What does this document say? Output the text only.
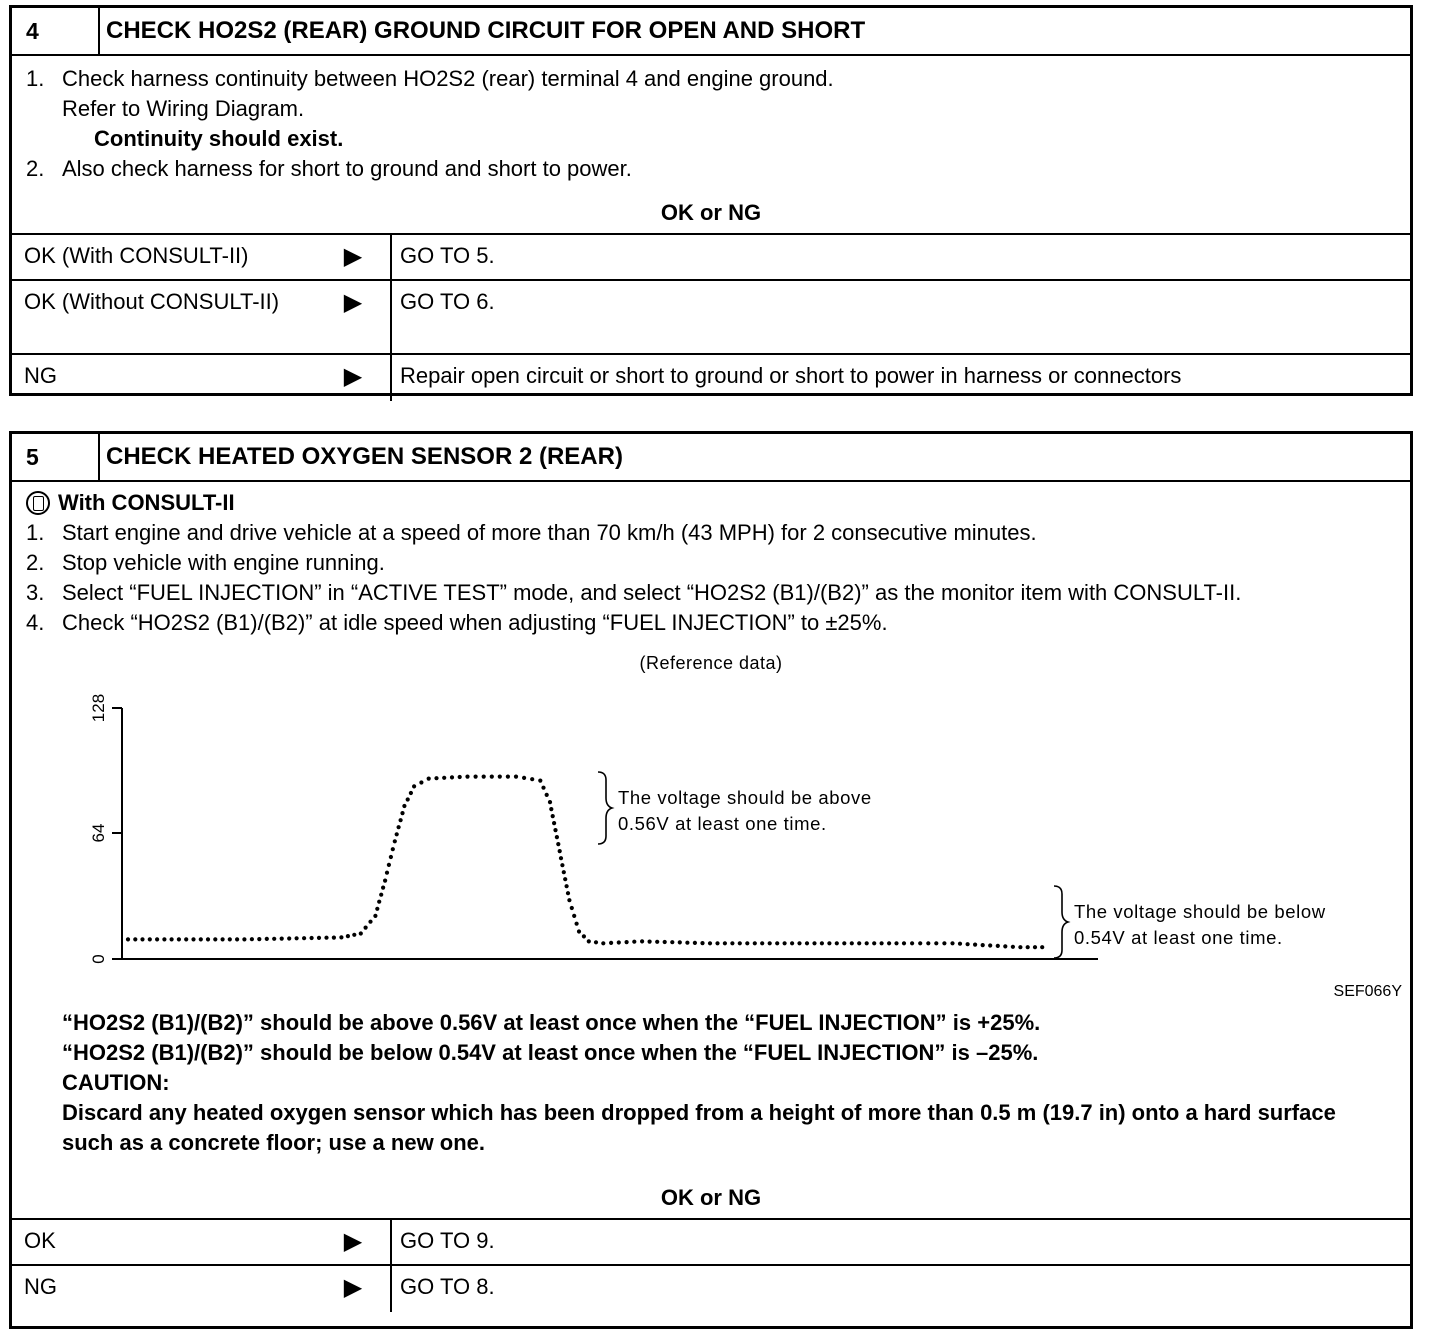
4	CHECK HO2S2 (REAR) GROUND CIRCUIT FOR OPEN AND SHORT
1. Check harness continuity between HO2S2 (rear) terminal 4 and engine ground.
Refer to Wiring Diagram.
Continuity should exist.
2. Also check harness for short to ground and short to power.
OK or NG
OK (With CONSULT-II)	▶	GO TO 5.
OK (Without CONSULT-II)	▶	GO TO 6.
NG	▶	Repair open circuit or short to ground or short to power in harness or connectors
5	CHECK HEATED OXYGEN SENSOR 2 (REAR)
With CONSULT-II
1. Start engine and drive vehicle at a speed of more than 70 km/h (43 MPH) for 2 consecutive minutes.
2. Stop vehicle with engine running.
3. Select “FUEL INJECTION” in “ACTIVE TEST” mode, and select “HO2S2 (B1)/(B2)” as the monitor item with CONSULT-II.
4. Check “HO2S2 (B1)/(B2)” at idle speed when adjusting “FUEL INJECTION” to ±25%.
(Reference data)
0
64
128
The voltage should be above
0.56V at least one time.
The voltage should be below
0.54V at least one time.
SEF066Y
“HO2S2 (B1)/(B2)” should be above 0.56V at least once when the “FUEL INJECTION” is +25%.
“HO2S2 (B1)/(B2)” should be below 0.54V at least once when the “FUEL INJECTION” is –25%.
CAUTION:
Discard any heated oxygen sensor which has been dropped from a height of more than 0.5 m (19.7 in) onto a hard surface such as a concrete floor; use a new one.
OK or NG
OK	▶	GO TO 9.
NG	▶	GO TO 8.
